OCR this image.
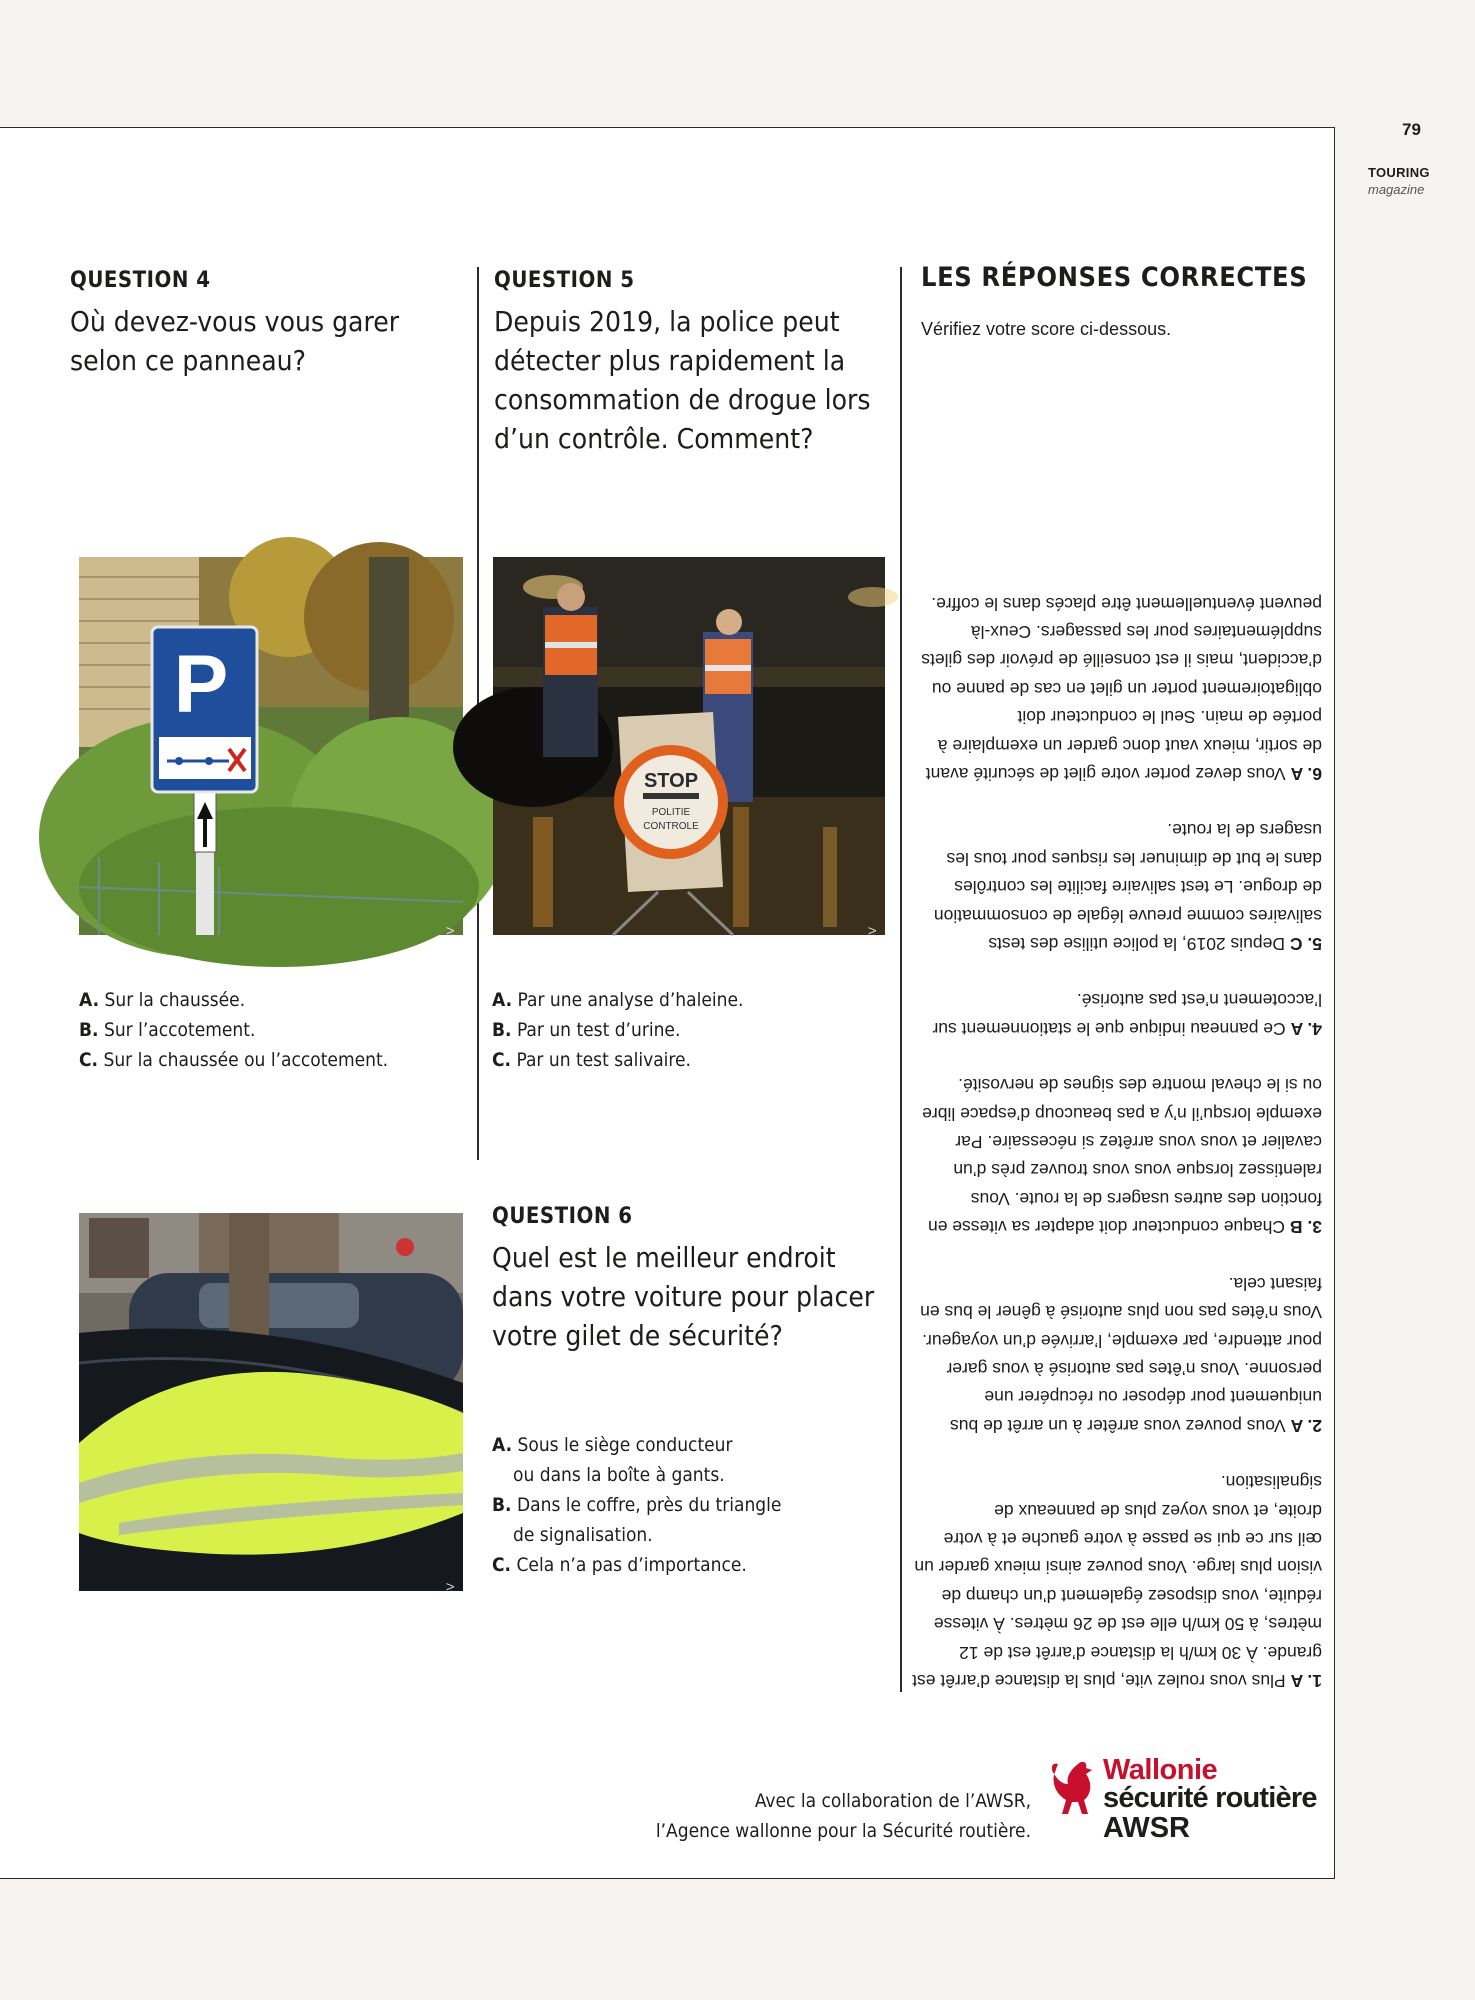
79
TOURING
magazine
QUESTION 4
Où devez-vous vous garer selon ce panneau?
P
© VSV
A. Sur la chaussée.
B. Sur l’accotement.
C. Sur la chaussée ou l’accotement.
QUESTION 5
Depuis 2019, la police peut détecter plus rapidement la consommation de drogue lors d’un contrôle. Comment?
STOP
POLITIE
CONTROLE
© VSV
A. Par une analyse d’haleine.
B. Par un test d’urine.
C. Par un test salivaire.
© VSV
QUESTION 6
Quel est le meilleur endroit dans votre voiture pour placer votre gilet de sécurité?
A. Sous le siège conducteur
ou dans la boîte à gants.
B. Dans le coffre, près du triangle
de signalisation.
C. Cela n’a pas d’importance.
LES RÉPONSES CORRECTES
Vérifiez votre score ci-dessous.

1. A Plus vous roulez vite, plus la distance d’arrêt est grande. À 30 km/h la distance d’arrêt est de 12 mètres, à 50 km/h elle est de 26 mètres. À vitesse réduite, vous disposez également d’un champ de vision plus large. Vous pouvez ainsi mieux garder un œil sur ce qui se passe à votre gauche et à votre droite, et vous voyez plus de panneaux de signalisation.

2. A Vous pouvez vous arrêter à un arrêt de bus uniquement pour déposer ou récupérer une personne. Vous n’êtes pas autorisé à vous garer pour attendre, par exemple, l’arrivée d’un voyageur. Vous n’êtes pas non plus autorisé à gêner le bus en faisant cela.

3. B Chaque conducteur doit adapter sa vitesse en fonction des autres usagers de la route. Vous ralentissez lorsque vous vous trouvez près d’un cavalier et vous vous arrêtez si nécessaire. Par exemple lorsqu’il n’y a pas beaucoup d’espace libre ou si le cheval montre des signes de nervosité.

4. A Ce panneau indique que le stationnement sur l’accotement n’est pas autorisé.

5. C Depuis 2019, la police utilise des tests salivaires comme preuve légale de consommation de drogue. Le test salivaire facilite les contrôles dans le but de diminuer les risques pour tous les usagers de la route.

6. A Vous devez porter votre gilet de sécurité avant de sortir, mieux vaut donc garder un exemplaire à portée de main. Seul le conducteur doit obligatoirement porter un gilet en cas de panne ou d’accident, mais il est conseillé de prévoir des gilets supplémentaires pour les passagers. Ceux-là peuvent éventuellement être placés dans le coffre.

Avec la collaboration de l’AWSR,
l’Agence wallonne pour la Sécurité routière.
Wallonie
sécurité routière
AWSR
